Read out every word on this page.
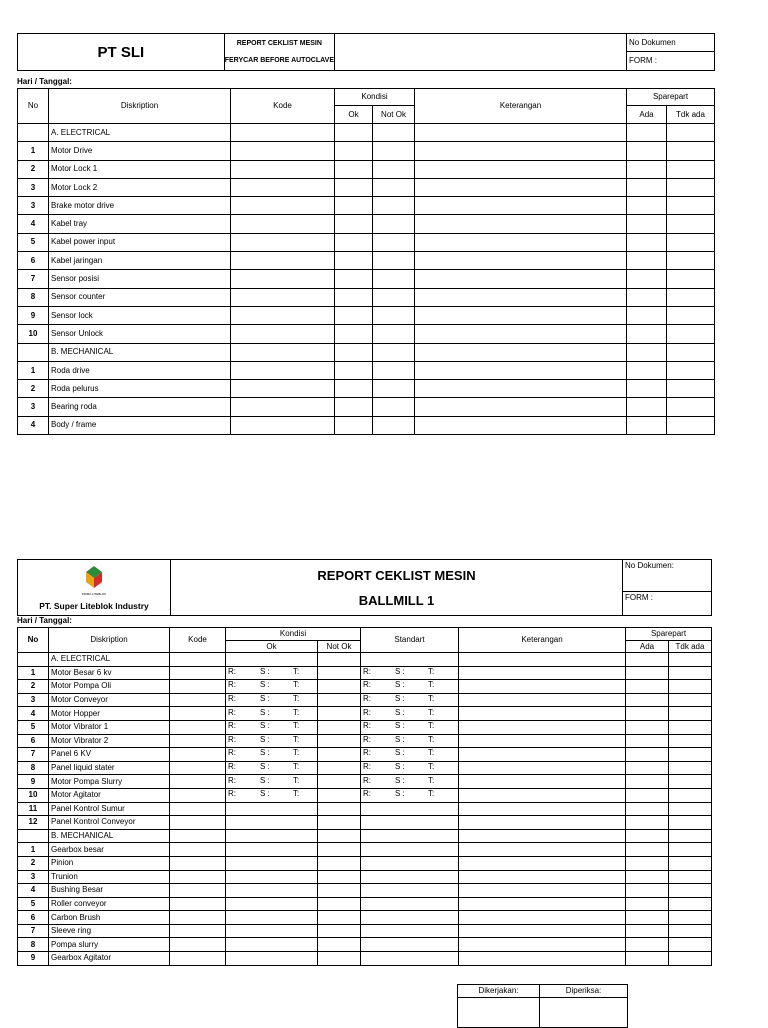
PT SLI	REPORT CEKLIST MESIN
FERYCAR BEFORE AUTOCLAVE

No Dokumen
FORM :
Hari / Tanggal:
No	Diskription	Kode	Kondisi		Keterangan	Sparepart	
			Ok	Not Ok		Ada	Tdk ada
	A. ELECTRICAL						
1	Motor Drive						
2	Motor Lock 1						
3	Motor Lock 2						
3	Brake motor drive						
4	Kabel tray						
5	Kabel power input						
6	Kabel jaringan						
7	Sensor posisi						
8	Sensor counter						
9	Sensor lock						
10	Sensor Unlock						
	B. MECHANICAL						
1	Roda drive						
2	Roda pelurus						
3	Bearing roda						
4	Body / frame						
PRIMA LITEBLOK
PT. Super Liteblok Industry

REPORT CEKLIST MESIN
BALLMILL 1

No Dokumen:
FORM :
Hari / Tanggal:
No	Diskription	Kode	Kondisi		Standart	Keterangan	Sparepart	
			Ok	Not Ok			Ada	Tdk ada
	A. ELECTRICAL							
1	Motor Besar 6 kv		R: S : T:		R: S : T:			

2	Motor Pompa Oli		R: S : T:		R: S : T:			

3	Motor Conveyor		R: S : T:		R: S : T:			

4	Motor Hopper		R: S : T:		R: S : T:			

5	Motor Vibrator 1		R: S : T:		R: S : T:			

6	Motor Vibrator 2		R: S : T:		R: S : T:			

7	Panel 6 KV		R: S : T:		R: S : T:			

8	Panel liquid stater		R: S : T:		R: S : T:			

9	Motor Pompa Slurry		R: S : T:		R: S : T:			

10	Motor Agitator		R: S : T:		R: S : T:			

11	Panel Kontrol Sumur							
12	Panel Kontrol Conveyor							
	B. MECHANICAL							
1	Gearbox besar							
2	Pinion							
3	Trunion							
4	Bushing Besar							
5	Roller conveyor							
6	Carbon Brush							
7	Sleeve ring							
8	Pompa slurry							
9	Gearbox Agitator							
Dikerjakan:	Diperiksa:
